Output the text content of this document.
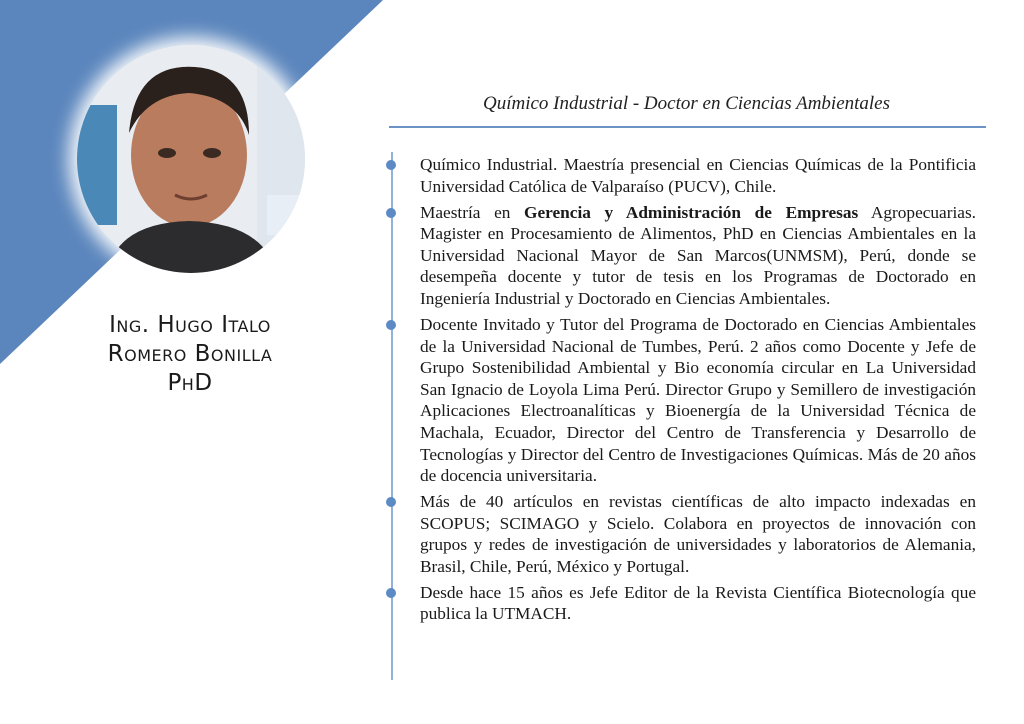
Ing. Hugo Italo
Romero Bonilla
PhD
Químico Industrial - Doctor en Ciencias Ambientales
Químico Industrial. Maestría presencial en Ciencias Químicas de la Pontificia Universidad Católica de Valparaíso (PUCV), Chile.
Maestría en Gerencia y Administración de Empresas Agropecuarias. Magister en Procesamiento de Alimentos, PhD en Ciencias Ambientales en la Universidad Nacional Mayor de San Marcos(UNMSM), Perú, donde se desempeña docente y tutor de tesis en los Programas de Doctorado en Ingeniería Industrial y Doctorado en Ciencias Ambientales.
Docente Invitado y Tutor del Programa de Doctorado en Ciencias Ambientales de la Universidad Nacional de Tumbes, Perú. 2 años como Docente y Jefe de Grupo Sostenibilidad Ambiental y Bio economía circular en La Universidad San Ignacio de Loyola Lima Perú. Director Grupo y Semillero de investigación Aplicaciones Electroanalíticas y Bioenergía de la Universidad Técnica de Machala, Ecuador, Director del Centro de Transferencia y Desarrollo de Tecnologías y Director del Centro de Investigaciones Químicas. Más de 20 años de docencia universitaria.
Más de 40 artículos en revistas científicas de alto impacto indexadas en SCOPUS; SCIMAGO y Scielo. Colabora en proyectos de innovación con grupos y redes de investigación de universidades y laboratorios de Alemania, Brasil, Chile, Perú, México y Portugal.
Desde hace 15 años es Jefe Editor de la Revista Científica Biotecnología que publica la UTMACH.
